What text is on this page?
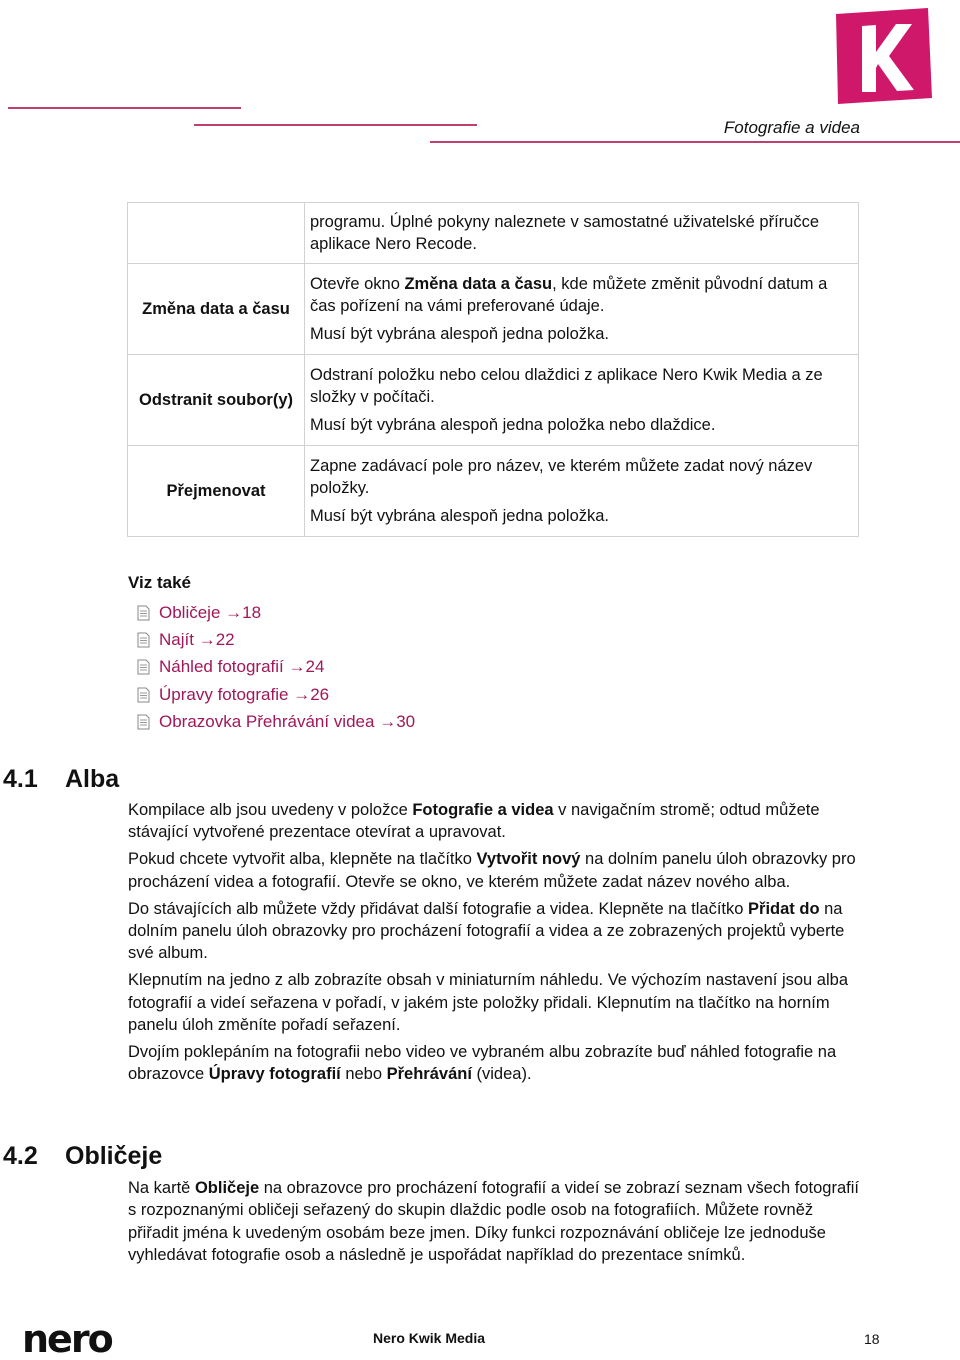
Fotografie a videa

	programu. Úplné pokyny naleznete v samostatné uživatelské příručce aplikace Nero Recode.

Změna data a času	Otevře okno Změna data a času, kde můžete změnit původní datum a čas pořízení na vámi preferované údaje.

Musí být vybrána alespoň jedna položka.

Odstranit soubor(y)	Odstraní položku nebo celou dlaždici z aplikace Nero Kwik Media a ze složky v počítači.

Musí být vybrána alespoň jedna položka nebo dlaždice.

Přejmenovat	Zapne zadávací pole pro název, ve kterém můžete zadat nový název položky.

Musí být vybrána alespoň jedna položka.

Viz také
Obličeje
→ 18
Najít
→ 22
Náhled fotografií
→ 24
Úpravy fotografie
→ 26
Obrazovka Přehrávání videa
→ 30
4.1 Alba

Kompilace alb jsou uvedeny v položce Fotografie a videa v navigačním stromě; odtud můžete stávající vytvořené prezentace otevírat a upravovat.

Pokud chcete vytvořit alba, klepněte na tlačítko Vytvořit nový na dolním panelu úloh obrazovky pro procházení videa a fotografií. Otevře se okno, ve kterém můžete zadat název nového alba.

Do stávajících alb můžete vždy přidávat další fotografie a videa. Klepněte na tlačítko Přidat do na dolním panelu úloh obrazovky pro procházení fotografií a videa a ze zobrazených projektů vyberte své album.

Klepnutím na jedno z alb zobrazíte obsah v miniaturním náhledu. Ve výchozím nastavení jsou alba fotografií a videí seřazena v pořadí, v jakém jste položky přidali. Klepnutím na tlačítko na horním panelu úloh změníte pořadí seřazení.

Dvojím poklepáním na fotografii nebo video ve vybraném albu zobrazíte buď náhled fotografie na obrazovce Úpravy fotografií nebo Přehrávání (videa).

4.2 Obličeje

Na kartě Obličeje na obrazovce pro procházení fotografií a videí se zobrazí seznam všech fotografií s rozpoznanými obličeji seřazený do skupin dlaždic podle osob na fotografiích. Můžete rovněž přiřadit jména k uvedeným osobám beze jmen. Díky funkci rozpoznávání obličeje lze jednoduše vyhledávat fotografie osob a následně je uspořádat například do prezentace snímků.

nero	Nero Kwik Media	18
